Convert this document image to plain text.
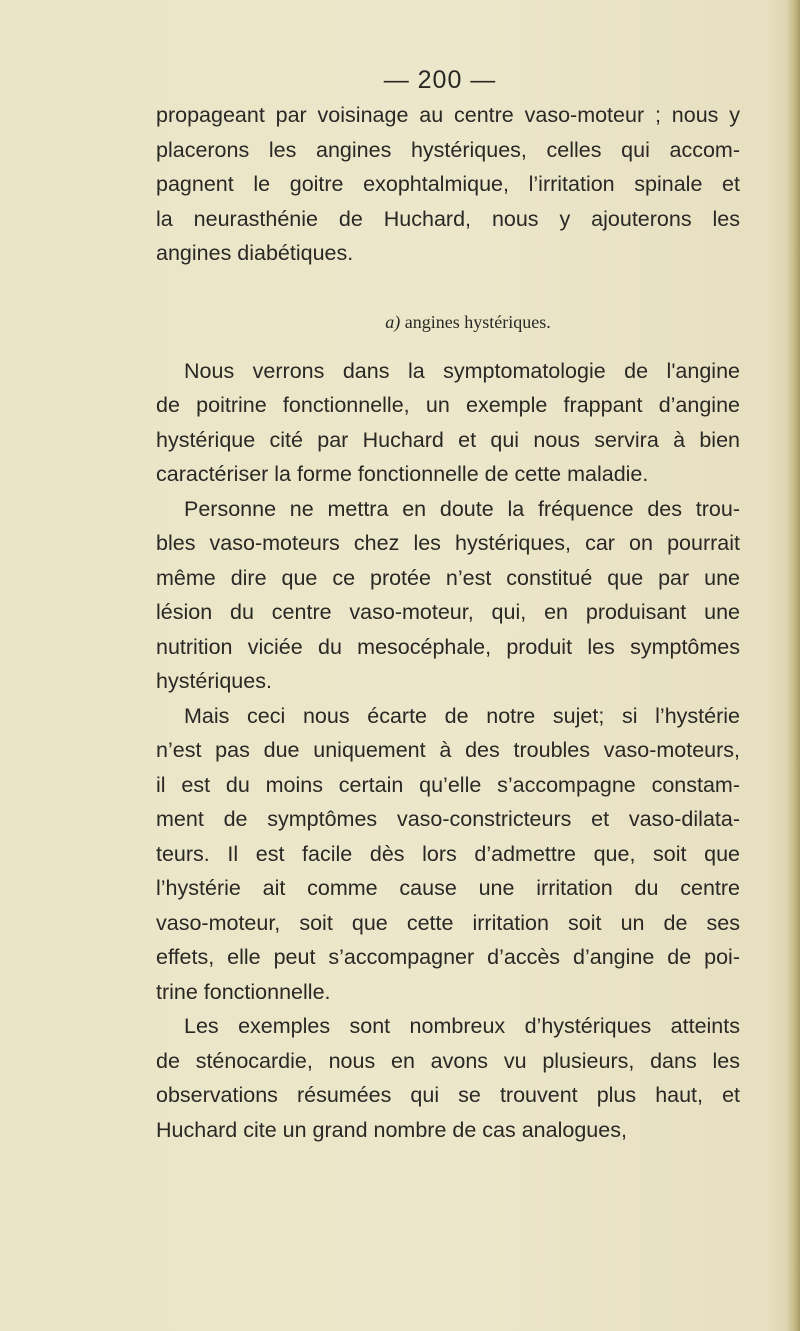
— 200 —
propageant par voisinage au centre vaso-moteur ; nous y
placerons les angines hystériques, celles qui accom-
pagnent le goitre exophtalmique, l’irritation spinale et
la neurasthénie de Huchard, nous y ajouterons les
angines diabétiques.
a) angines hystériques.
Nous verrons dans la symptomatologie de l'angine
de poitrine fonctionnelle, un exemple frappant d’angine
hystérique cité par Huchard et qui nous servira à bien
caractériser la forme fonctionnelle de cette maladie.
Personne ne mettra en doute la fréquence des trou-
bles vaso-moteurs chez les hystériques, car on pourrait
même dire que ce protée n’est constitué que par une
lésion du centre vaso-moteur, qui, en produisant une
nutrition viciée du mesocéphale, produit les symptômes
hystériques.
Mais ceci nous écarte de notre sujet; si l’hystérie
n’est pas due uniquement à des troubles vaso-moteurs,
il est du moins certain qu’elle s’accompagne constam-
ment de symptômes vaso-constricteurs et vaso-dilata-
teurs. Il est facile dès lors d’admettre que, soit que
l’hystérie ait comme cause une irritation du centre
vaso-moteur, soit que cette irritation soit un de ses
effets, elle peut s’accompagner d’accès d’angine de poi-
trine fonctionnelle.
Les exemples sont nombreux d’hystériques atteints
de sténocardie, nous en avons vu plusieurs, dans les
observations résumées qui se trouvent plus haut, et
Huchard cite un grand nombre de cas analogues,
